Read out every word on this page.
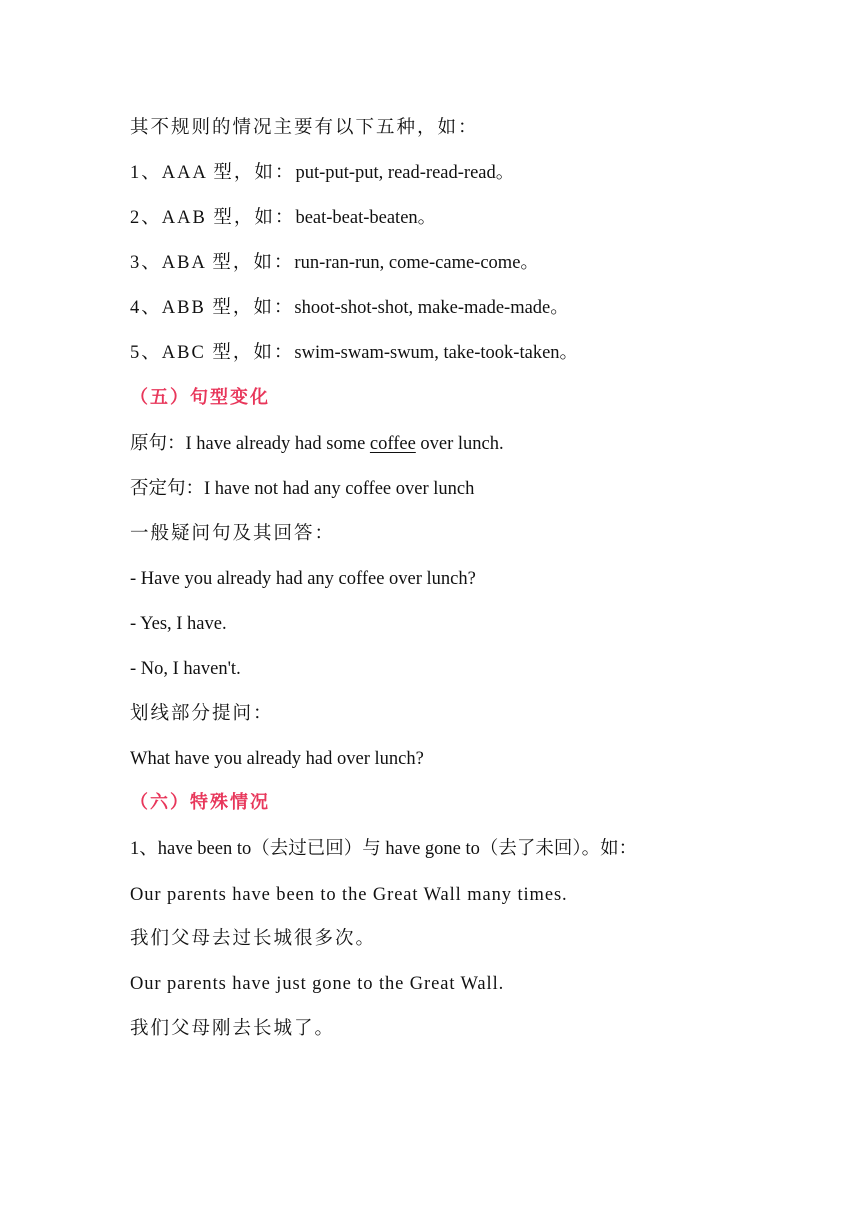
其不规则的情况主要有以下五种，如：
1、AAA 型，如：put-put-put, read-read-read。
2、AAB 型，如：beat-beat-beaten。
3、ABA 型，如：run-ran-run, come-came-come。
4、ABB 型，如：shoot-shot-shot, make-made-made。
5、ABC 型，如：swim-swam-swum, take-took-taken。
（五）句型变化
原句：I have already had some coffee over lunch.
否定句：I have not had any coffee over lunch
一般疑问句及其回答：
- Have you already had any coffee over lunch?
- Yes, I have.
- No, I haven't.
划线部分提问：
What have you already had over lunch?
（六）特殊情况
1、have been to（去过已回）与 have gone to（去了未回）。如：
Our parents have been to the Great Wall many times.
我们父母去过长城很多次。
Our parents have just gone to the Great Wall.
我们父母刚去长城了。
